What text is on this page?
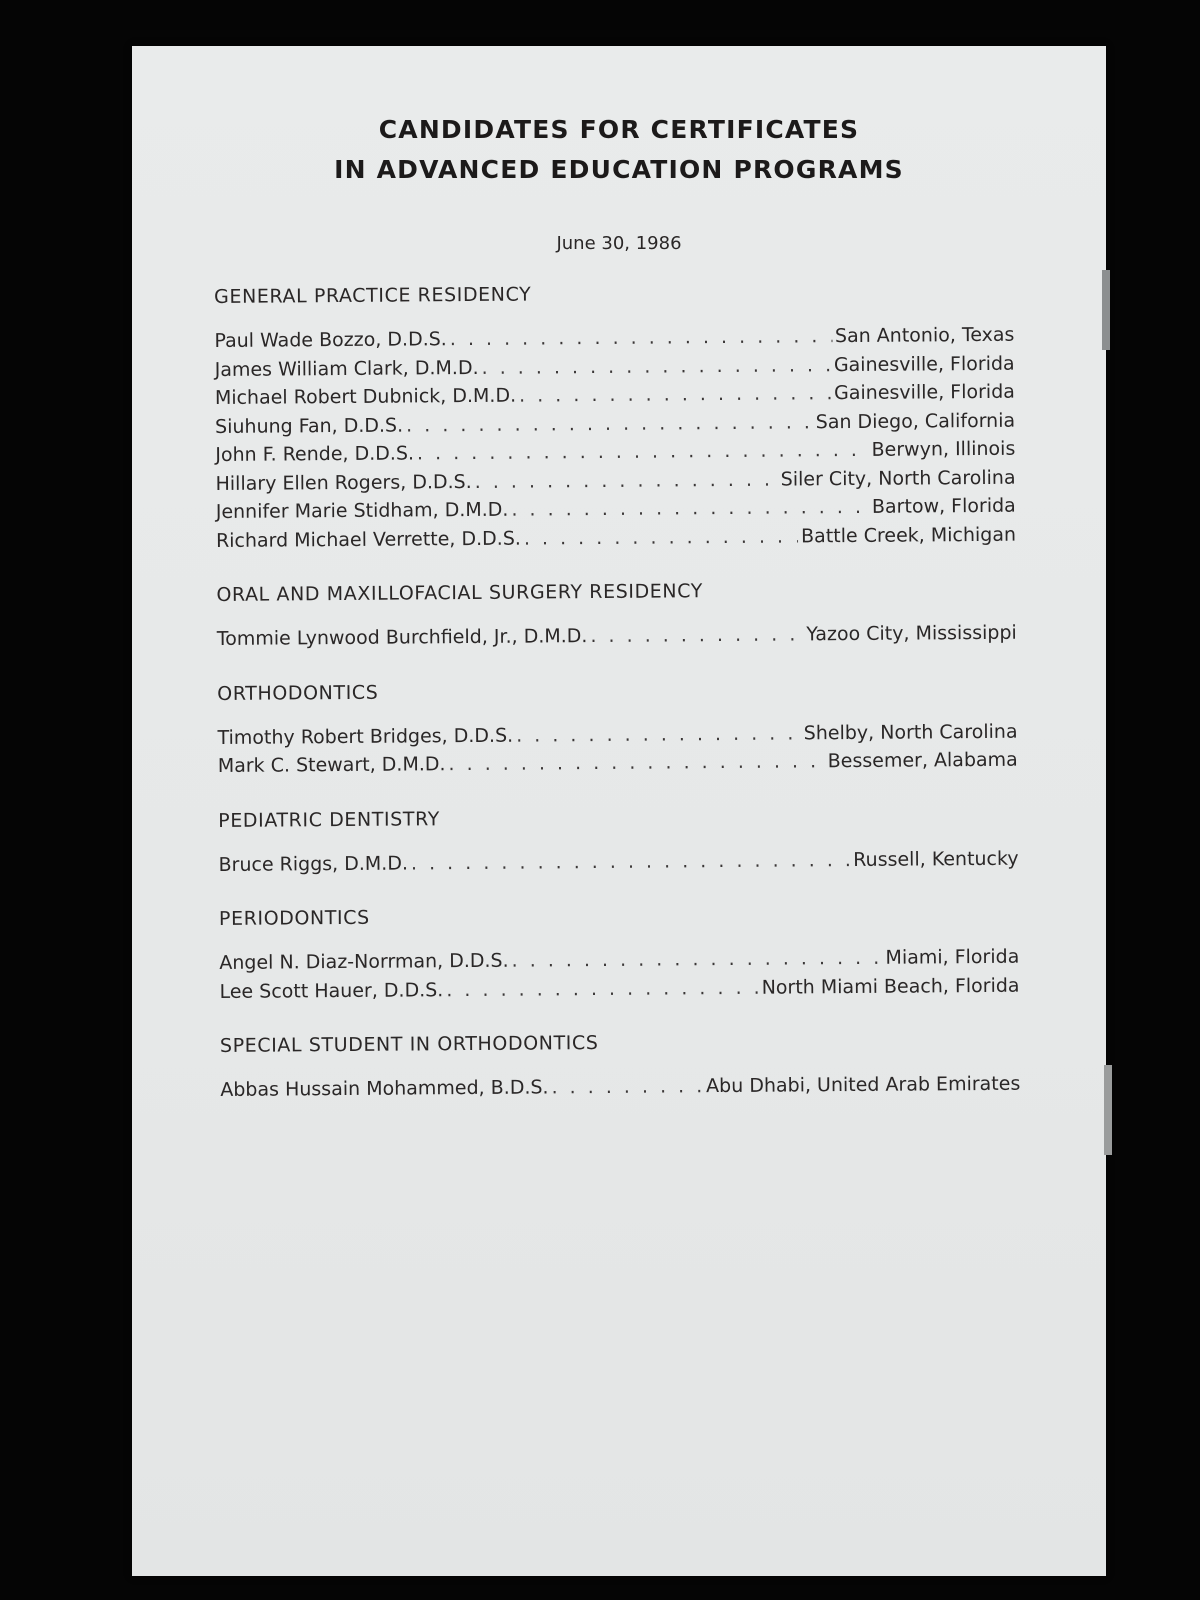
CANDIDATES FOR CERTIFICATES
IN ADVANCED EDUCATION PROGRAMS
June 30, 1986
GENERAL PRACTICE RESIDENCY
Paul Wade Bozzo, D.D.S. . . .	San Antonio, Texas
James William Clark, D.M.D. . . .	Gainesville, Florida
Michael Robert Dubnick, D.M.D. . . .	Gainesville, Florida
Siuhung Fan, D.D.S. . . .	San Diego, California
John F. Rende, D.D.S. . . .	Berwyn, Illinois
Hillary Ellen Rogers, D.D.S. . . .	Siler City, North Carolina
Jennifer Marie Stidham, D.M.D. . . .	Bartow, Florida
Richard Michael Verrette, D.D.S. . . .	Battle Creek, Michigan
ORAL AND MAXILLOFACIAL SURGERY RESIDENCY
Tommie Lynwood Burchfield, Jr., D.M.D. . . .	Yazoo City, Mississippi
ORTHODONTICS
Timothy Robert Bridges, D.D.S. . . .	Shelby, North Carolina
Mark C. Stewart, D.M.D. . . .	Bessemer, Alabama
PEDIATRIC DENTISTRY
Bruce Riggs, D.M.D. . . .	Russell, Kentucky
PERIODONTICS
Angel N. Diaz-Norrman, D.D.S. . . .	Miami, Florida
Lee Scott Hauer, D.D.S. . . .	North Miami Beach, Florida
SPECIAL STUDENT IN ORTHODONTICS
Abbas Hussain Mohammed, B.D.S. . . .	Abu Dhabi, United Arab Emirates
